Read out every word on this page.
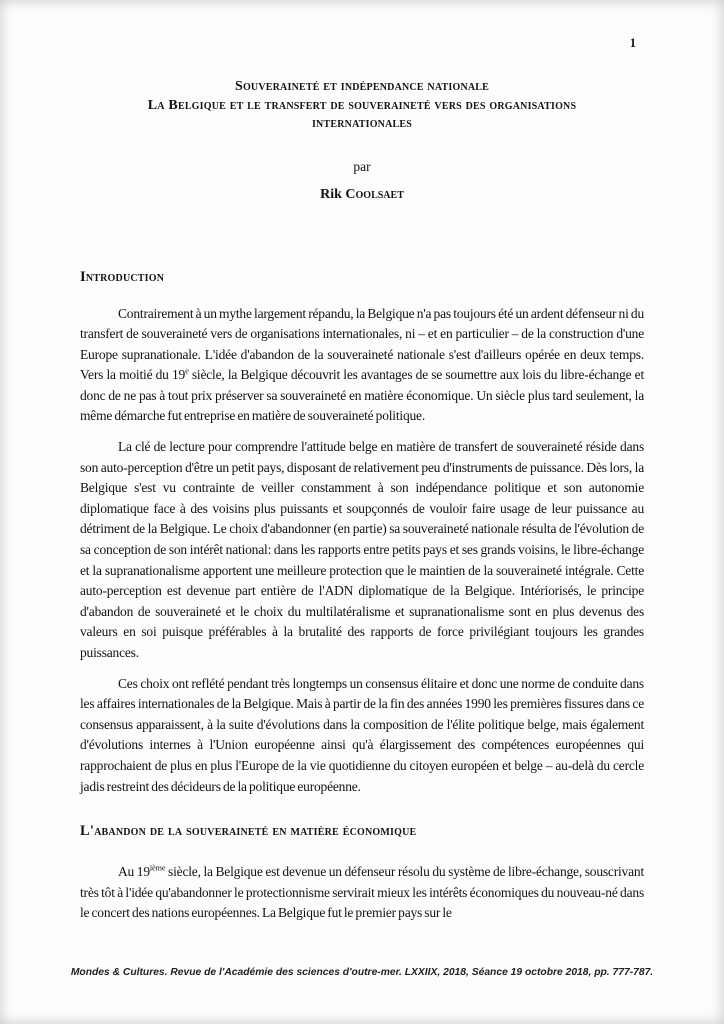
1
Souveraineté et indépendance nationale
La Belgique et le transfert de souveraineté vers des organisations
internationales
par
Rik Coolsaet
Introduction

Contrairement à un mythe largement répandu, la Belgique n'a pas toujours été un ardent défenseur ni du transfert de souveraineté vers de organisations internationales, ni – et en particulier – de la construction d'une Europe supranationale. L'idée d'abandon de la souveraineté nationale s'est d'ailleurs opérée en deux temps. Vers la moitié du 19e siècle, la Belgique découvrit les avantages de se soumettre aux lois du libre-échange et donc de ne pas à tout prix préserver sa souveraineté en matière économique. Un siècle plus tard seulement, la même démarche fut entreprise en matière de souveraineté politique.

La clé de lecture pour comprendre l'attitude belge en matière de transfert de souveraineté réside dans son auto-perception d'être un petit pays, disposant de relativement peu d'instruments de puissance. Dès lors, la Belgique s'est vu contrainte de veiller constamment à son indépendance politique et son autonomie diplomatique face à des voisins plus puissants et soupçonnés de vouloir faire usage de leur puissance au détriment de la Belgique. Le choix d'abandonner (en partie) sa souveraineté nationale résulta de l'évolution de sa conception de son intérêt national: dans les rapports entre petits pays et ses grands voisins, le libre-échange et la supranationalisme apportent une meilleure protection que le maintien de la souveraineté intégrale. Cette auto-perception est devenue part entière de l'ADN diplomatique de la Belgique. Intériorisés, le principe d'abandon de souveraineté et le choix du multilatéralisme et supranationalisme sont en plus devenus des valeurs en soi puisque préférables à la brutalité des rapports de force privilégiant toujours les grandes puissances.

Ces choix ont reflété pendant très longtemps un consensus élitaire et donc une norme de conduite dans les affaires internationales de la Belgique. Mais à partir de la fin des années 1990 les premières fissures dans ce consensus apparaissent, à la suite d'évolutions dans la composition de l'élite politique belge, mais également d'évolutions internes à l'Union européenne ainsi qu'à élargissement des compétences européennes qui rapprochaient de plus en plus l'Europe de la vie quotidienne du citoyen européen et belge – au-delà du cercle jadis restreint des décideurs de la politique européenne.

L'abandon de la souveraineté en matière économique

Au 19ième siècle, la Belgique est devenue un défenseur résolu du système de libre-échange, souscrivant très tôt à l'idée qu'abandonner le protectionnisme servirait mieux les intérêts économiques du nouveau-né dans le concert des nations européennes. La Belgique fut le premier pays sur le

Mondes & Cultures. Revue de l'Académie des sciences d'outre-mer. LXXIIX, 2018, Séance 19 octobre 2018, pp. 777-787.
